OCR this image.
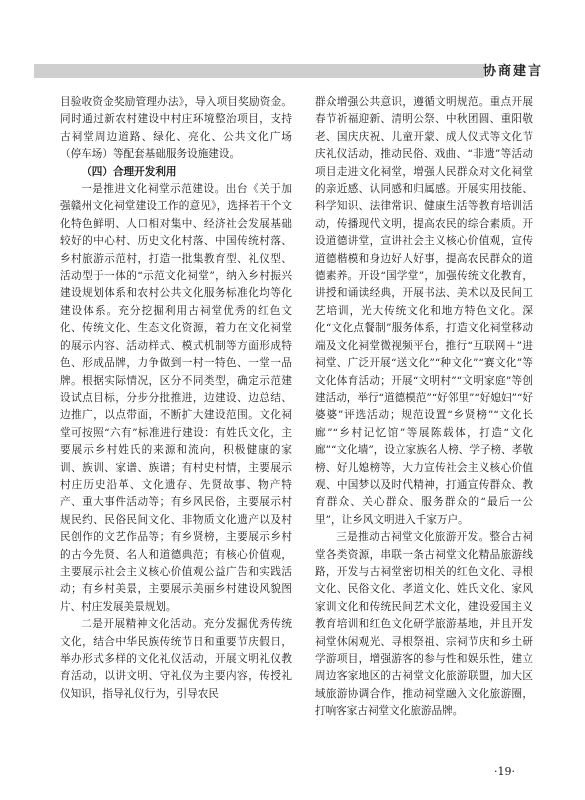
协商建言

目验收资金奖励管理办法》，导入项目奖励资金。同时通过新农村建设中村庄环境整治项目，支持古祠堂周边道路、绿化、亮化、公共文化广场（停车场）等配套基础服务设施建设。

（四）合理开发利用

一是推进文化祠堂示范建设。出台《关于加强赣州文化祠堂建设工作的意见》，选择若干个文化特色鲜明、人口相对集中、经济社会发展基础较好的中心村、历史文化村落、中国传统村落、乡村旅游示范村，打造一批集教育型、礼仪型、活动型于一体的“示范文化祠堂”，纳入乡村振兴建设规划体系和农村公共文化服务标准化均等化建设体系。充分挖掘利用古祠堂优秀的红色文化、传统文化、生态文化资源，着力在文化祠堂的展示内容、活动样式、模式机制等方面形成特色、形成品牌，力争做到一村一特色、一堂一品牌。根据实际情况，区分不同类型，确定示范建设试点目标，分步分批推进，边建设、边总结、边推广，以点带面，不断扩大建设范围。文化祠堂可按照“六有”标准进行建设：有姓氏文化，主要展示乡村姓氏的来源和流向，积极健康的家训、族训、家谱、族谱；有村史村情，主要展示村庄历史沿革、文化遗存、先贤故事、物产特产、重大事件活动等；有乡风民俗，主要展示村规民约、民俗民间文化、非物质文化遗产以及村民创作的文艺作品等；有乡贤榜，主要展示乡村的古今先贤、名人和道德典范；有核心价值观，主要展示社会主义核心价值观公益广告和实践活动；有乡村美景，主要展示美丽乡村建设风貌图片、村庄发展美景规划。

二是开展精神文化活动。充分发掘优秀传统文化，结合中华民族传统节日和重要节庆假日，举办形式多样的文化礼仪活动，开展文明礼仪教育活动，以讲文明、守礼仪为主要内容，传授礼仪知识，指导礼仪行为，引导农民

群众增强公共意识，遵循文明规范。重点开展春节祈福迎新、清明公祭、中秋团圆、重阳敬老、国庆庆祝、儿童开蒙、成人仪式等文化节庆礼仪活动，推动民俗、戏曲、“非遗”等活动项目走进文化祠堂，增强人民群众对文化祠堂的亲近感、认同感和归属感。开展实用技能、科学知识、法律常识、健康生活等教育培训活动，传播现代文明，提高农民的综合素质。开设道德讲堂，宣讲社会主义核心价值观，宣传道德楷模和身边好人好事，提高农民群众的道德素养。开设“国学堂”，加强传统文化教育，讲授和诵读经典，开展书法、美术以及民间工艺培训，光大传统文化和地方特色文化。深化“文化点餐制”服务体系，打造文化祠堂移动端及文化祠堂微视频平台，推行“互联网＋”进祠堂、广泛开展“送文化”“种文化”“赛文化”等文化体育活动；开展“文明村”“文明家庭”等创建活动，举行“道德模范”“好邻里”“好媳妇”“好婆婆”评选活动；规范设置“乡贤榜”“文化长廊”“乡村记忆馆”等展陈载体，打造“文化廊”“文化墙”，设立家族名人榜、学子榜、孝敬榜、好儿媳榜等，大力宣传社会主义核心价值观、中国梦以及时代精神，打通宣传群众、教育群众、关心群众、服务群众的“最后一公里”，让乡风文明进入千家万户。

三是推动古祠堂文化旅游开发。整合古祠堂各类资源，串联一条古祠堂文化精品旅游线路，开发与古祠堂密切相关的红色文化、寻根文化、民俗文化、孝道文化、姓氏文化、家风家训文化和传统民间艺术文化，建设爱国主义教育培训和红色文化研学旅游基地，并且开发祠堂休闲观光、寻根祭祖、宗祠节庆和乡土研学游项目，增强游客的参与性和娱乐性，建立周边客家地区的古祠堂文化旅游联盟，加大区域旅游协调合作，推动祠堂融入文化旅游圈，打响客家古祠堂文化旅游品牌。

·19·
